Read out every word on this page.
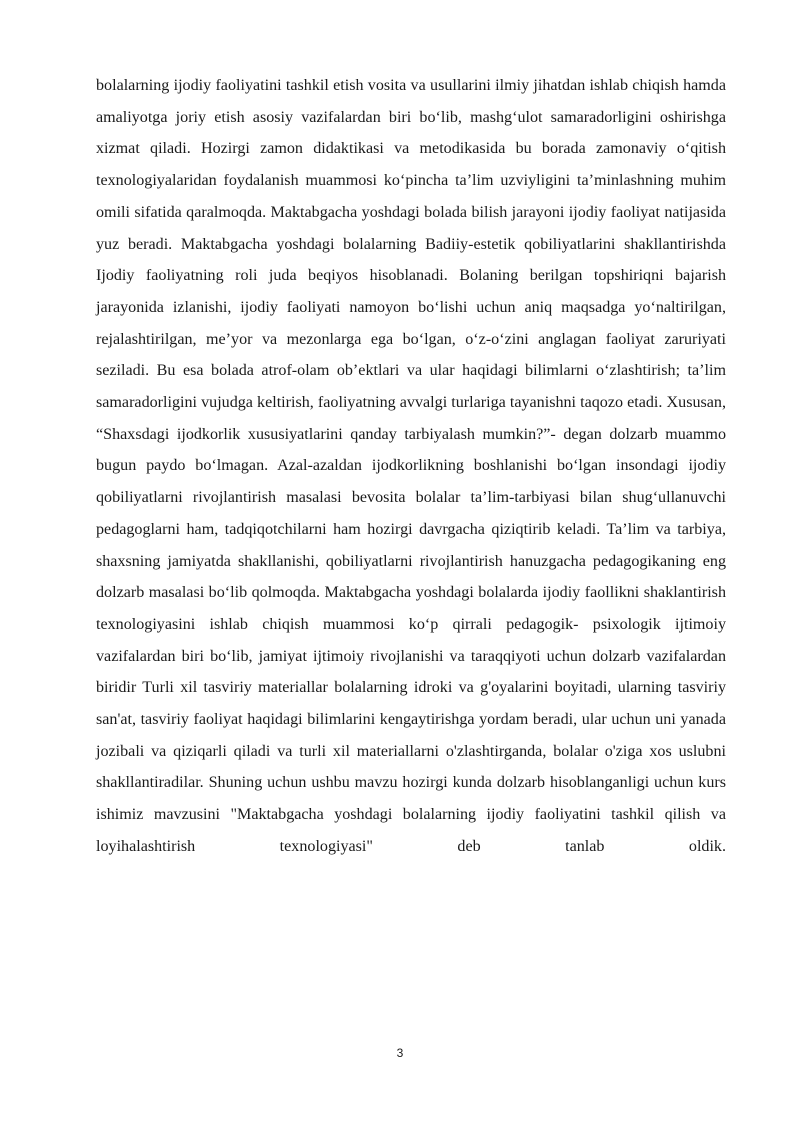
bolalarning ijodiy faoliyatini tashkil etish vosita va usullarini ilmiy jihatdan ishlab chiqish hamda amaliyotga joriy etish asosiy vazifalardan biri bo‘lib, mashg‘ulot samaradorligini oshirishga xizmat qiladi. Hozirgi zamon didaktikasi va metodikasida bu borada zamonaviy o‘qitish texnologiyalaridan foydalanish muammosi ko‘pincha ta’lim uzviyligini ta’minlashning muhim omili sifatida qaralmoqda. Maktabgacha yoshdagi bolada bilish jarayoni ijodiy faoliyat natijasida yuz beradi. Maktabgacha yoshdagi bolalarning Badiiy-estetik qobiliyatlarini shakllantirishda Ijodiy faoliyatning roli juda beqiyos hisoblanadi. Bolaning berilgan topshiriqni bajarish jarayonida izlanishi, ijodiy faoliyati namoyon bo‘lishi uchun aniq maqsadga yo‘naltirilgan, rejalashtirilgan, me’yor va mezonlarga ega bo‘lgan, o‘z-o‘zini anglagan faoliyat zaruriyati seziladi. Bu esa bolada atrof-olam ob’ektlari va ular haqidagi bilimlarni o‘zlashtirish; ta’lim samaradorligini vujudga keltirish, faoliyatning avvalgi turlariga tayanishni taqozo etadi. Xususan, “Shaxsdagi ijodkorlik xususiyatlarini qanday tarbiyalash mumkin?”- degan dolzarb muammo bugun paydo bo‘lmagan. Azal-azaldan ijodkorlikning boshlanishi bo‘lgan insondagi ijodiy qobiliyatlarni rivojlantirish masalasi bevosita bolalar ta’lim-tarbiyasi bilan shug‘ullanuvchi pedagoglarni ham, tadqiqotchilarni ham hozirgi davrgacha qiziqtirib keladi. Ta’lim va tarbiya, shaxsning jamiyatda shakllanishi, qobiliyatlarni rivojlantirish hanuzgacha pedagogikaning eng dolzarb masalasi bo‘lib qolmoqda. Maktabgacha yoshdagi bolalarda ijodiy faollikni shaklantirish texnologiyasini ishlab chiqish muammosi ko‘p qirrali pedagogik- psixologik ijtimoiy vazifalardan biri bo‘lib, jamiyat ijtimoiy rivojlanishi va taraqqiyoti uchun dolzarb vazifalardan biridir Turli xil tasviriy materiallar bolalarning idroki va g'oyalarini boyitadi, ularning tasviriy san'at, tasviriy faoliyat haqidagi bilimlarini kengaytirishga yordam beradi, ular uchun uni yanada jozibali va qiziqarli qiladi va turli xil materiallarni o'zlashtirganda, bolalar o'ziga xos uslubni shakllantiradilar. Shuning uchun ushbu mavzu hozirgi kunda dolzarb hisoblanganligi uchun kurs ishimiz mavzusini "Maktabgacha yoshdagi bolalarning ijodiy faoliyatini tashkil qilish va loyihalashtirish texnologiyasi" deb tanlab oldik.

3
